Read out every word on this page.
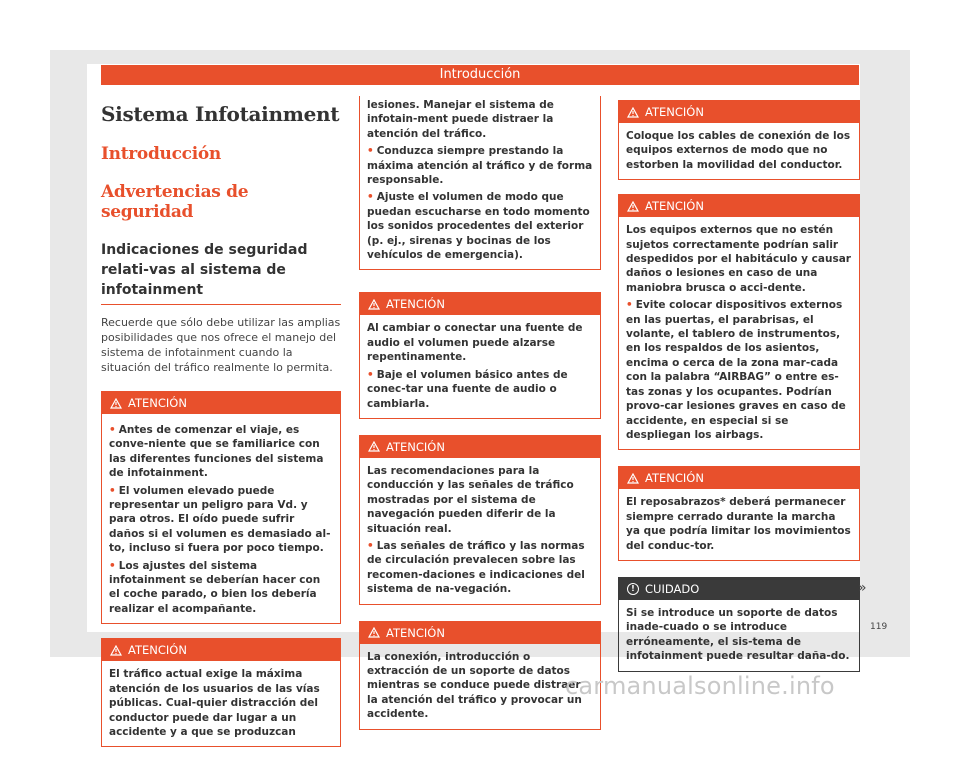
Introducción
Sistema Infotainment
Introducción
Advertencias de seguridad
Indicaciones de seguridad relati-vas al sistema de infotainment

Recuerde que sólo debe utilizar las amplias posibilidades que nos ofrece el manejo del sistema de infotainment cuando la situación del tráfico realmente lo permita.

ATENCIÓN

• Antes de comenzar el viaje, es conve-niente que se familiarice con las diferentes funciones del sistema de infotainment.

• El volumen elevado puede representar un peligro para Vd. y para otros. El oído puede sufrir daños si el volumen es demasiado al-to, incluso si fuera por poco tiempo.

• Los ajustes del sistema infotainment se deberían hacer con el coche parado, o bien los debería realizar el acompañante.

ATENCIÓN

El tráfico actual exige la máxima atención de los usuarios de las vías públicas. Cual-quier distracción del conductor puede dar lugar a un accidente y a que se produzcan

lesiones. Manejar el sistema de infotain-ment puede distraer la atención del tráfico.

• Conduzca siempre prestando la máxima atención al tráfico y de forma responsable.

• Ajuste el volumen de modo que puedan escucharse en todo momento los sonidos procedentes del exterior (p. ej., sirenas y bocinas de los vehículos de emergencia).

ATENCIÓN

Al cambiar o conectar una fuente de audio el volumen puede alzarse repentinamente.

• Baje el volumen básico antes de conec-tar una fuente de audio o cambiarla.

ATENCIÓN

Las recomendaciones para la conducción y las señales de tráfico mostradas por el sistema de navegación pueden diferir de la situación real.

• Las señales de tráfico y las normas de circulación prevalecen sobre las recomen-daciones e indicaciones del sistema de na-vegación.

ATENCIÓN

La conexión, introducción o extracción de un soporte de datos mientras se conduce puede distraer la atención del tráfico y provocar un accidente.

ATENCIÓN

Coloque los cables de conexión de los equipos externos de modo que no estorben la movilidad del conductor.

ATENCIÓN

Los equipos externos que no estén sujetos correctamente podrían salir despedidos por el habitáculo y causar daños o lesiones en caso de una maniobra brusca o acci-dente.

• Evite colocar dispositivos externos en las puertas, el parabrisas, el volante, el tablero de instrumentos, en los respaldos de los asientos, encima o cerca de la zona mar-cada con la palabra “AIRBAG” o entre es-tas zonas y los ocupantes. Podrían provo-car lesiones graves en caso de accidente, en especial si se despliegan los airbags.

ATENCIÓN

El reposabrazos* deberá permanecer siempre cerrado durante la marcha ya que podría limitar los movimientos del conduc-tor.

! CUIDADO

Si se introduce un soporte de datos inade-cuado o se introduce erróneamente, el sis-tema de infotainment puede resultar daña-do.

»
119
carmanualsonline.info
